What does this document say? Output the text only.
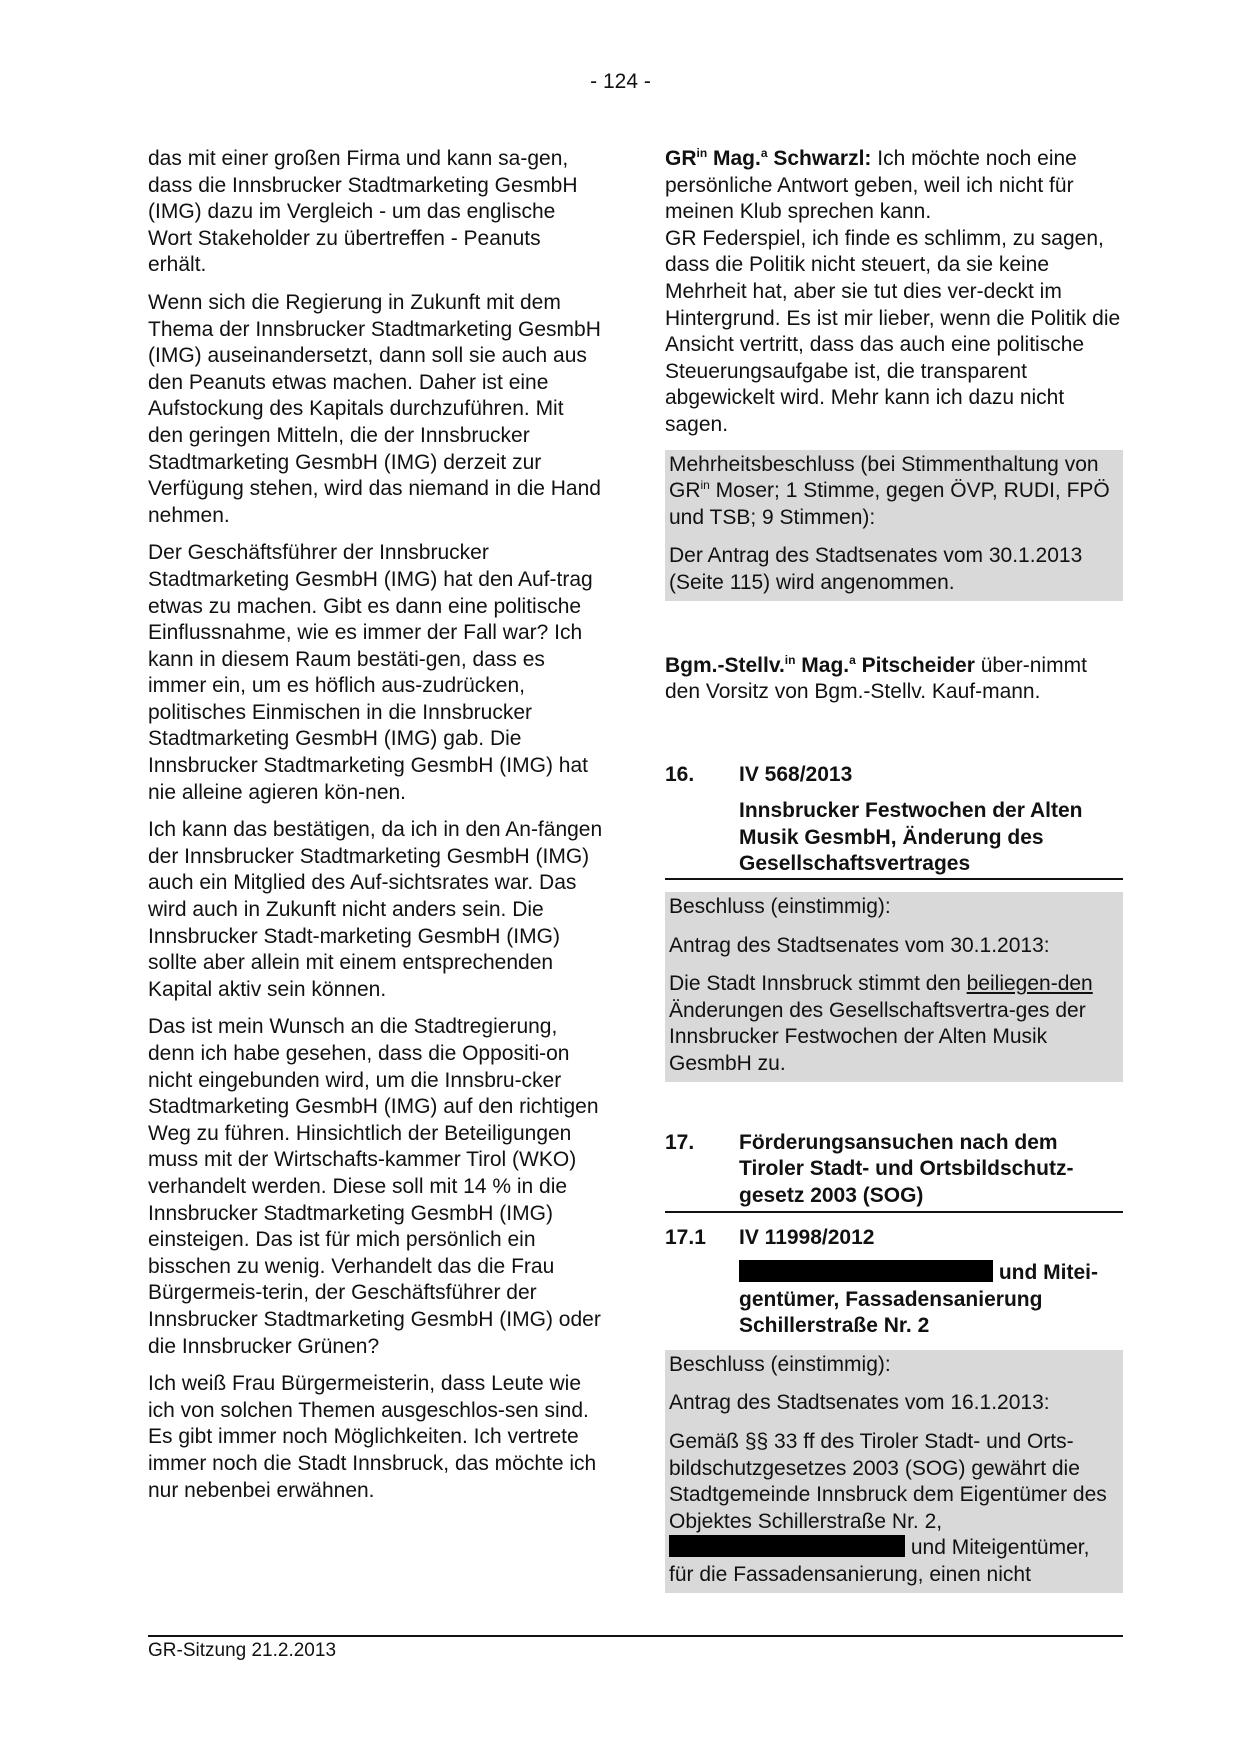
- 124 -

das mit einer großen Firma und kann sa-gen, dass die Innsbrucker Stadtmarketing GesmbH (IMG) dazu im Vergleich - um das englische Wort Stakeholder zu übertreffen - Peanuts erhält.

Wenn sich die Regierung in Zukunft mit dem Thema der Innsbrucker Stadtmarketing GesmbH (IMG) auseinandersetzt, dann soll sie auch aus den Peanuts etwas machen. Daher ist eine Aufstockung des Kapitals durchzuführen. Mit den geringen Mitteln, die der Innsbrucker Stadtmarketing GesmbH (IMG) derzeit zur Verfügung stehen, wird das niemand in die Hand nehmen.

Der Geschäftsführer der Innsbrucker Stadtmarketing GesmbH (IMG) hat den Auf-trag etwas zu machen. Gibt es dann eine politische Einflussnahme, wie es immer der Fall war? Ich kann in diesem Raum bestäti-gen, dass es immer ein, um es höflich aus-zudrücken, politisches Einmischen in die Innsbrucker Stadtmarketing GesmbH (IMG) gab. Die Innsbrucker Stadtmarketing GesmbH (IMG) hat nie alleine agieren kön-nen.

Ich kann das bestätigen, da ich in den An-fängen der Innsbrucker Stadtmarketing GesmbH (IMG) auch ein Mitglied des Auf-sichtsrates war. Das wird auch in Zukunft nicht anders sein. Die Innsbrucker Stadt-marketing GesmbH (IMG) sollte aber allein mit einem entsprechenden Kapital aktiv sein können.

Das ist mein Wunsch an die Stadtregierung, denn ich habe gesehen, dass die Oppositi-on nicht eingebunden wird, um die Innsbru-cker Stadtmarketing GesmbH (IMG) auf den richtigen Weg zu führen. Hinsichtlich der Beteiligungen muss mit der Wirtschafts-kammer Tirol (WKO) verhandelt werden. Diese soll mit 14 % in die Innsbrucker Stadtmarketing GesmbH (IMG) einsteigen. Das ist für mich persönlich ein bisschen zu wenig. Verhandelt das die Frau Bürgermeis-terin, der Geschäftsführer der Innsbrucker Stadtmarketing GesmbH (IMG) oder die Innsbrucker Grünen?

Ich weiß Frau Bürgermeisterin, dass Leute wie ich von solchen Themen ausgeschlos-sen sind. Es gibt immer noch Möglichkeiten. Ich vertrete immer noch die Stadt Innsbruck, das möchte ich nur nebenbei erwähnen.

$GR^{in}$ Mag.$^a$ Schwarzl: Ich möchte noch eine persönliche Antwort geben, weil ich nicht für meinen Klub sprechen kann.
GR Federspiel, ich finde es schlimm, zu sagen, dass die Politik nicht steuert, da sie keine Mehrheit hat, aber sie tut dies ver-deckt im Hintergrund. Es ist mir lieber, wenn die Politik die Ansicht vertritt, dass das auch eine politische Steuerungsaufgabe ist, die transparent abgewickelt wird. Mehr kann ich dazu nicht sagen.

Mehrheitsbeschluss (bei Stimmenthaltung von $GR^{in}$ Moser; 1 Stimme, gegen ÖVP, RUDI, FPÖ und TSB; 9 Stimmen):

Der Antrag des Stadtsenates vom 30.1.2013 (Seite 115) wird angenommen.

Bgm.-Stellv.$^{in}$ Mag.$^a$ Pitscheider über-nimmt den Vorsitz von Bgm.-Stellv. Kauf-mann.

16.	IV 568/2013
Innsbrucker Festwochen der Alten Musik GesmbH, Änderung des Gesellschaftsvertrages

Beschluss (einstimmig):

Antrag des Stadtsenates vom 30.1.2013:

Die Stadt Innsbruck stimmt den beiliegen-den Änderungen des Gesellschaftsvertra-ges der Innsbrucker Festwochen der Alten Musik GesmbH zu.

17.	Förderungsansuchen nach dem Tiroler Stadt- und Ortsbildschutz-gesetz 2003 (SOG)
17.1	IV 11998/2012
und Mitei-
gentümer, Fassadensanierung Schillerstraße Nr. 2

Beschluss (einstimmig):

Antrag des Stadtsenates vom 16.1.2013:

Gemäß §§ 33 ff des Tiroler Stadt- und Orts-bildschutzgesetzes 2003 (SOG) gewährt die Stadtgemeinde Innsbruck dem Eigentümer des Objektes Schillerstraße Nr. 2,
und Miteigentümer, für die Fassadensanierung, einen nicht

GR-Sitzung 21.2.2013
